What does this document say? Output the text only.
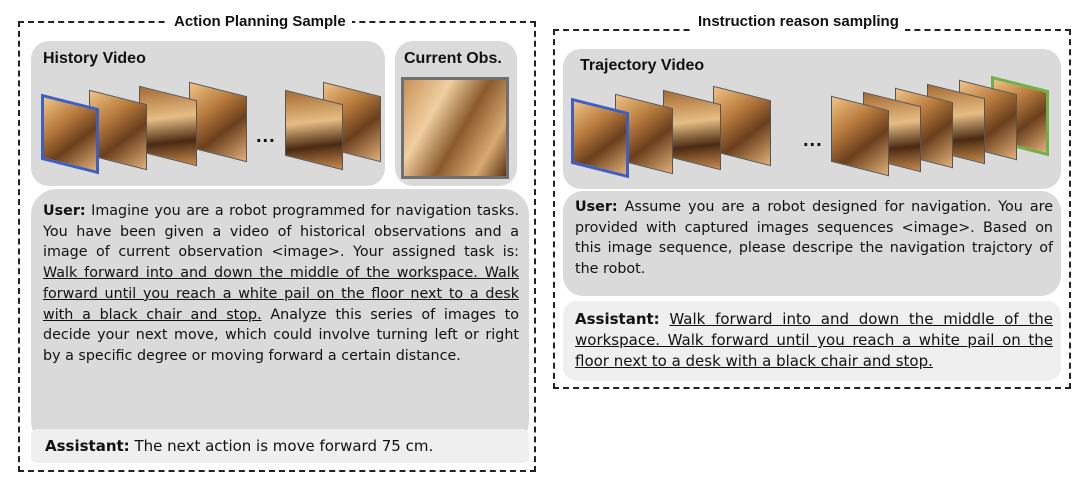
Action Planning Sample
History Video
...
Current Obs.
User: Imagine you are a robot programmed for navigation tasks. You have been given a video of historical observations and a image of current observation <image>. Your assigned task is: Walk forward into and down the middle of the workspace. Walk forward until you reach a white pail on the floor next to a desk with a black chair and stop. Analyze this series of images to decide your next move, which could involve turning left or right by a specific degree or moving forward a certain distance.
Assistant: The next action is move forward 75 cm.
Instruction reason sampling
Trajectory Video
...
User: Assume you are a robot designed for navigation. You are provided with captured images sequences <image>. Based on this image sequence, please descripe the navigation trajctory of the robot.
Assistant: Walk forward into and down the middle of the workspace. Walk forward until you reach a white pail on the floor next to a desk with a black chair and stop.
